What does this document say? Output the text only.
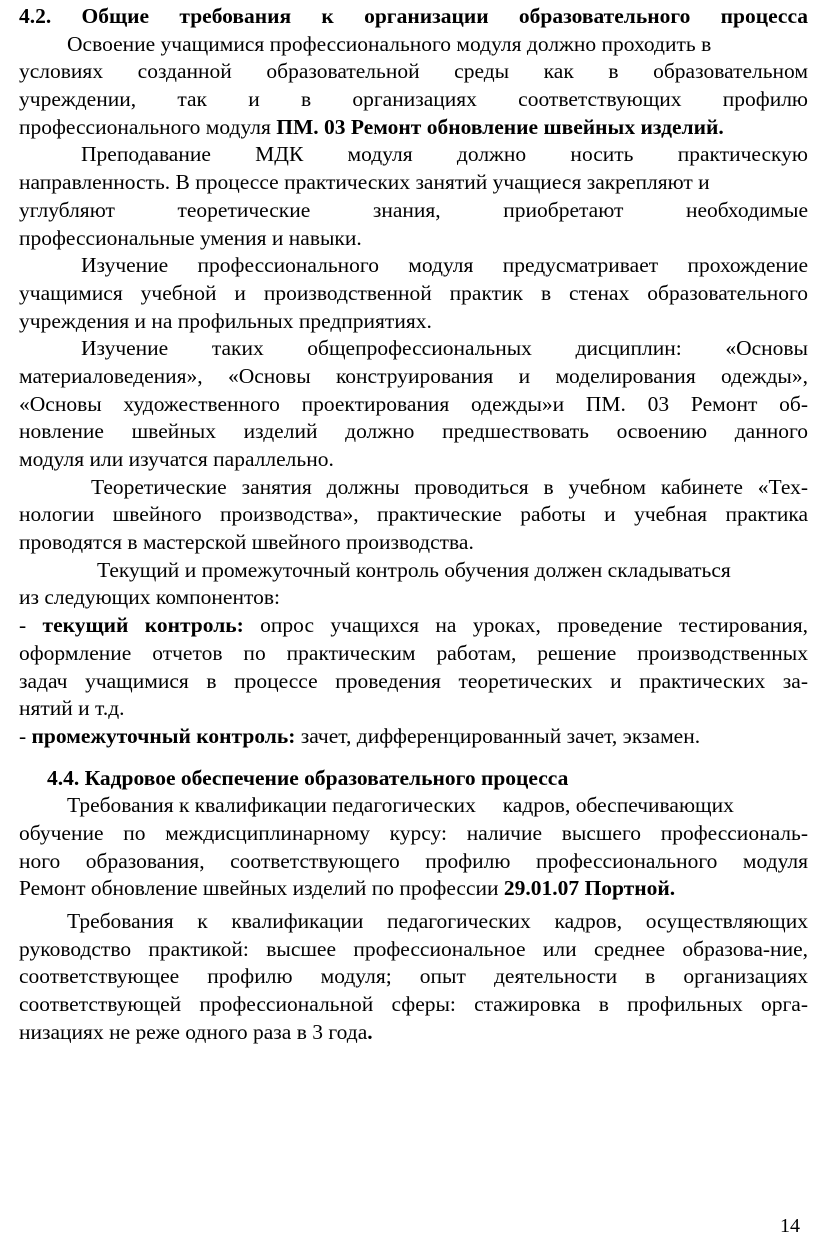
4.2. Общие требования к организации образовательного процесса
Освоение учащимися профессионального модуля должно проходить в
условиях созданной образовательной среды как в образовательном
учреждении, так и в организациях соответствующих профилю
профессионального модуля ПМ. 03 Ремонт обновление швейных изделий.
Преподавание МДК модуля должно носить практическую
направленность. В процессе практических занятий учащиеся закрепляют и
углубляют теоретические знания, приобретают необходимые
профессиональные умения и навыки.
Изучение профессионального модуля предусматривает прохождение
учащимися учебной и производственной практик в стенах образовательного
учреждения и на профильных предприятиях.
Изучение таких общепрофессиональных дисциплин: «Основы
материаловедения», «Основы конструирования и моделирования одежды»,
«Основы художественного проектирования одежды»и ПМ. 03 Ремонт об-
новление швейных изделий должно предшествовать освоению данного
модуля или изучатся параллельно.
Теоретические занятия должны проводиться в учебном кабинете «Тех-
нологии швейного производства», практические работы и учебная практика
проводятся в мастерской швейного производства.
Текущий и промежуточный контроль обучения должен складываться
из следующих компонентов:
- текущий контроль: опрос учащихся на уроках, проведение тестирования,
оформление отчетов по практическим работам, решение производственных
задач учащимися в процессе проведения теоретических и практических за-
нятий и т.д.
- промежуточный контроль: зачет, дифференцированный зачет, экзамен.
4.4. Кадровое обеспечение образовательного процесса
Требования к квалификации педагогических     кадров, обеспечивающих
обучение по междисциплинарному курсу: наличие высшего профессиональ-
ного образования, соответствующего профилю профессионального модуля
Ремонт обновление швейных изделий по профессии 29.01.07 Портной.
Требования к квалификации педагогических кадров, осуществляющих
руководство практикой: высшее профессиональное или среднее образова-ние,
соответствующее профилю модуля; опыт деятельности в организациях
соответствующей профессиональной сферы: стажировка в профильных орга-
низациях не реже одного раза в 3 года.
14
